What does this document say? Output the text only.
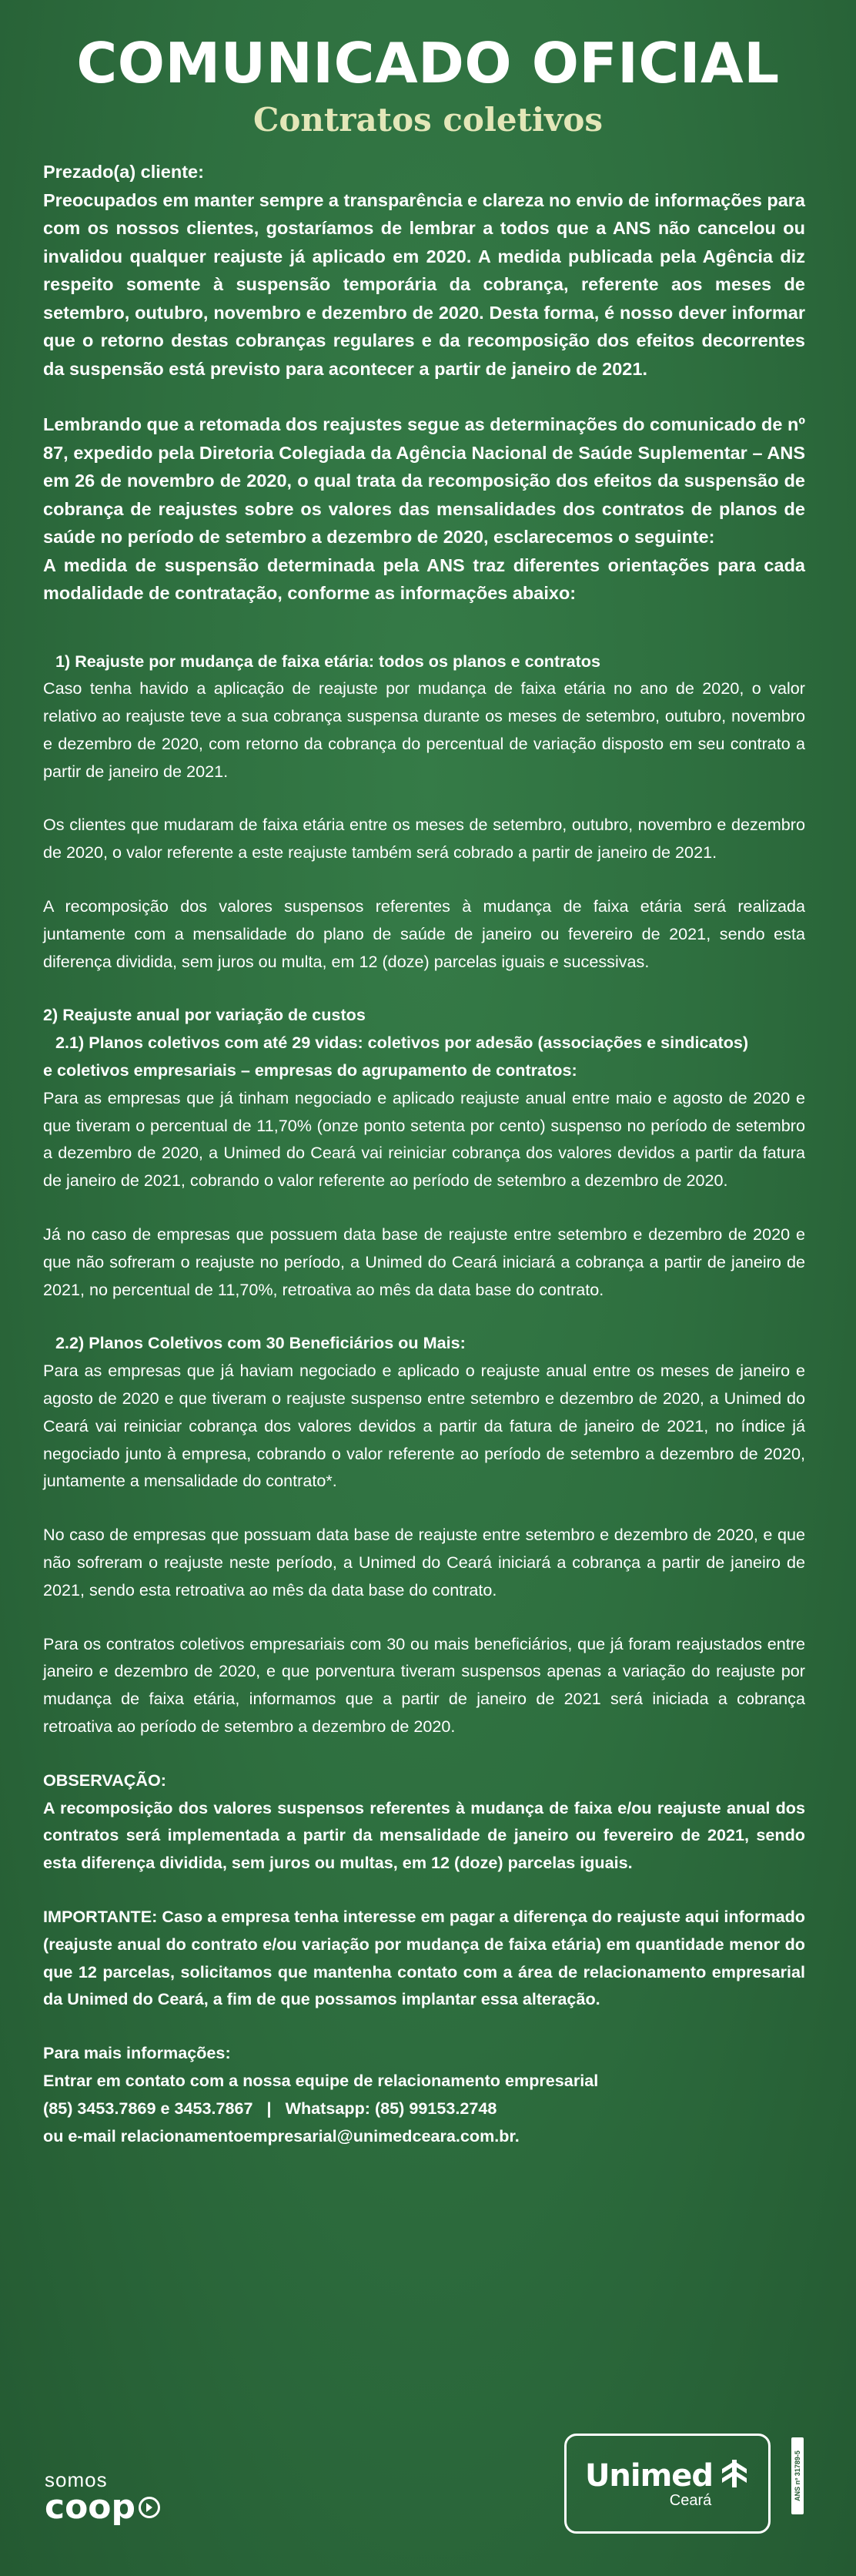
COMUNICADO OFICIAL
Contratos coletivos

Prezado(a) cliente:

Preocupados em manter sempre a transparência e clareza no envio de informações para com os nossos clientes, gostaríamos de lembrar a todos que a ANS não cancelou ou invalidou qualquer reajuste já aplicado em 2020. A medida publicada pela Agência diz respeito somente à suspensão temporária da cobrança, referente aos meses de setembro, outubro, novembro e dezembro de 2020. Desta forma, é nosso dever informar que o retorno destas cobranças regulares e da recomposição dos efeitos decorrentes da suspensão está previsto para acontecer a partir de janeiro de 2021.

Lembrando que a retomada dos reajustes segue as determinações do comunicado de nº 87, expedido pela Diretoria Colegiada da Agência Nacional de Saúde Suplementar – ANS em 26 de novembro de 2020, o qual trata da recomposição dos efeitos da suspensão de cobrança de reajustes sobre os valores das mensalidades dos contratos de planos de saúde no período de setembro a dezembro de 2020, esclarecemos o seguinte:

A medida de suspensão determinada pela ANS traz diferentes orientações para cada modalidade de contratação, conforme as informações abaixo:

1) Reajuste por mudança de faixa etária: todos os planos e contratos

Caso tenha havido a aplicação de reajuste por mudança de faixa etária no ano de 2020, o valor relativo ao reajuste teve a sua cobrança suspensa durante os meses de setembro, outubro, novembro e dezembro de 2020, com retorno da cobrança do percentual de variação disposto em seu contrato a partir de janeiro de 2021.

Os clientes que mudaram de faixa etária entre os meses de setembro, outubro, novembro e dezembro de 2020, o valor referente a este reajuste também será cobrado a partir de janeiro de 2021.

A recomposição dos valores suspensos referentes à mudança de faixa etária será realizada juntamente com a mensalidade do plano de saúde de janeiro ou fevereiro de 2021, sendo esta diferença dividida, sem juros ou multa, em 12 (doze) parcelas iguais e sucessivas.

2) Reajuste anual por variação de custos

2.1) Planos coletivos com até 29 vidas: coletivos por adesão (associações e sindicatos)

e coletivos empresariais – empresas do agrupamento de contratos:

Para as empresas que já tinham negociado e aplicado reajuste anual entre maio e agosto de 2020 e que tiveram o percentual de 11,70% (onze ponto setenta por cento) suspenso no período de setembro a dezembro de 2020, a Unimed do Ceará vai reiniciar cobrança dos valores devidos a partir da fatura de janeiro de 2021, cobrando o valor referente ao período de setembro a dezembro de 2020.

Já no caso de empresas que possuem data base de reajuste entre setembro e dezembro de 2020 e que não sofreram o reajuste no período, a Unimed do Ceará iniciará a cobrança a partir de janeiro de 2021, no percentual de 11,70%, retroativa ao mês da data base do contrato.

2.2) Planos Coletivos com 30 Beneficiários ou Mais:

Para as empresas que já haviam negociado e aplicado o reajuste anual entre os meses de janeiro e agosto de 2020 e que tiveram o reajuste suspenso entre setembro e dezembro de 2020, a Unimed do Ceará vai reiniciar cobrança dos valores devidos a partir da fatura de janeiro de 2021, no índice já negociado junto à empresa, cobrando o valor referente ao período de setembro a dezembro de 2020, juntamente a mensalidade do contrato*.

No caso de empresas que possuam data base de reajuste entre setembro e dezembro de 2020, e que não sofreram o reajuste neste período, a Unimed do Ceará iniciará a cobrança a partir de janeiro de 2021, sendo esta retroativa ao mês da data base do contrato.

Para os contratos coletivos empresariais com 30 ou mais beneficiários, que já foram reajustados entre janeiro e dezembro de 2020, e que porventura tiveram suspensos apenas a variação do reajuste por mudança de faixa etária, informamos que a partir de janeiro de 2021 será iniciada a cobrança retroativa ao período de setembro a dezembro de 2020.

OBSERVAÇÃO:

A recomposição dos valores suspensos referentes à mudança de faixa e/ou reajuste anual dos contratos será implementada a partir da mensalidade de janeiro ou fevereiro de 2021, sendo esta diferença dividida, sem juros ou multas, em 12 (doze) parcelas iguais.

IMPORTANTE: Caso a empresa tenha interesse em pagar a diferença do reajuste aqui informado (reajuste anual do contrato e/ou variação por mudança de faixa etária) em quantidade menor do que 12 parcelas, solicitamos que mantenha contato com a área de relacionamento empresarial da Unimed do Ceará, a fim de que possamos implantar essa alteração.

Para mais informações:

Entrar em contato com a nossa equipe de relacionamento empresarial

(85) 3453.7869 e 3453.7867   |   Whatsapp: (85) 99153.2748

ou e-mail relacionamentoempresarial@unimedceara.com.br.

somos
coop
Unimed
Ceará	ANS nº 31789-5
